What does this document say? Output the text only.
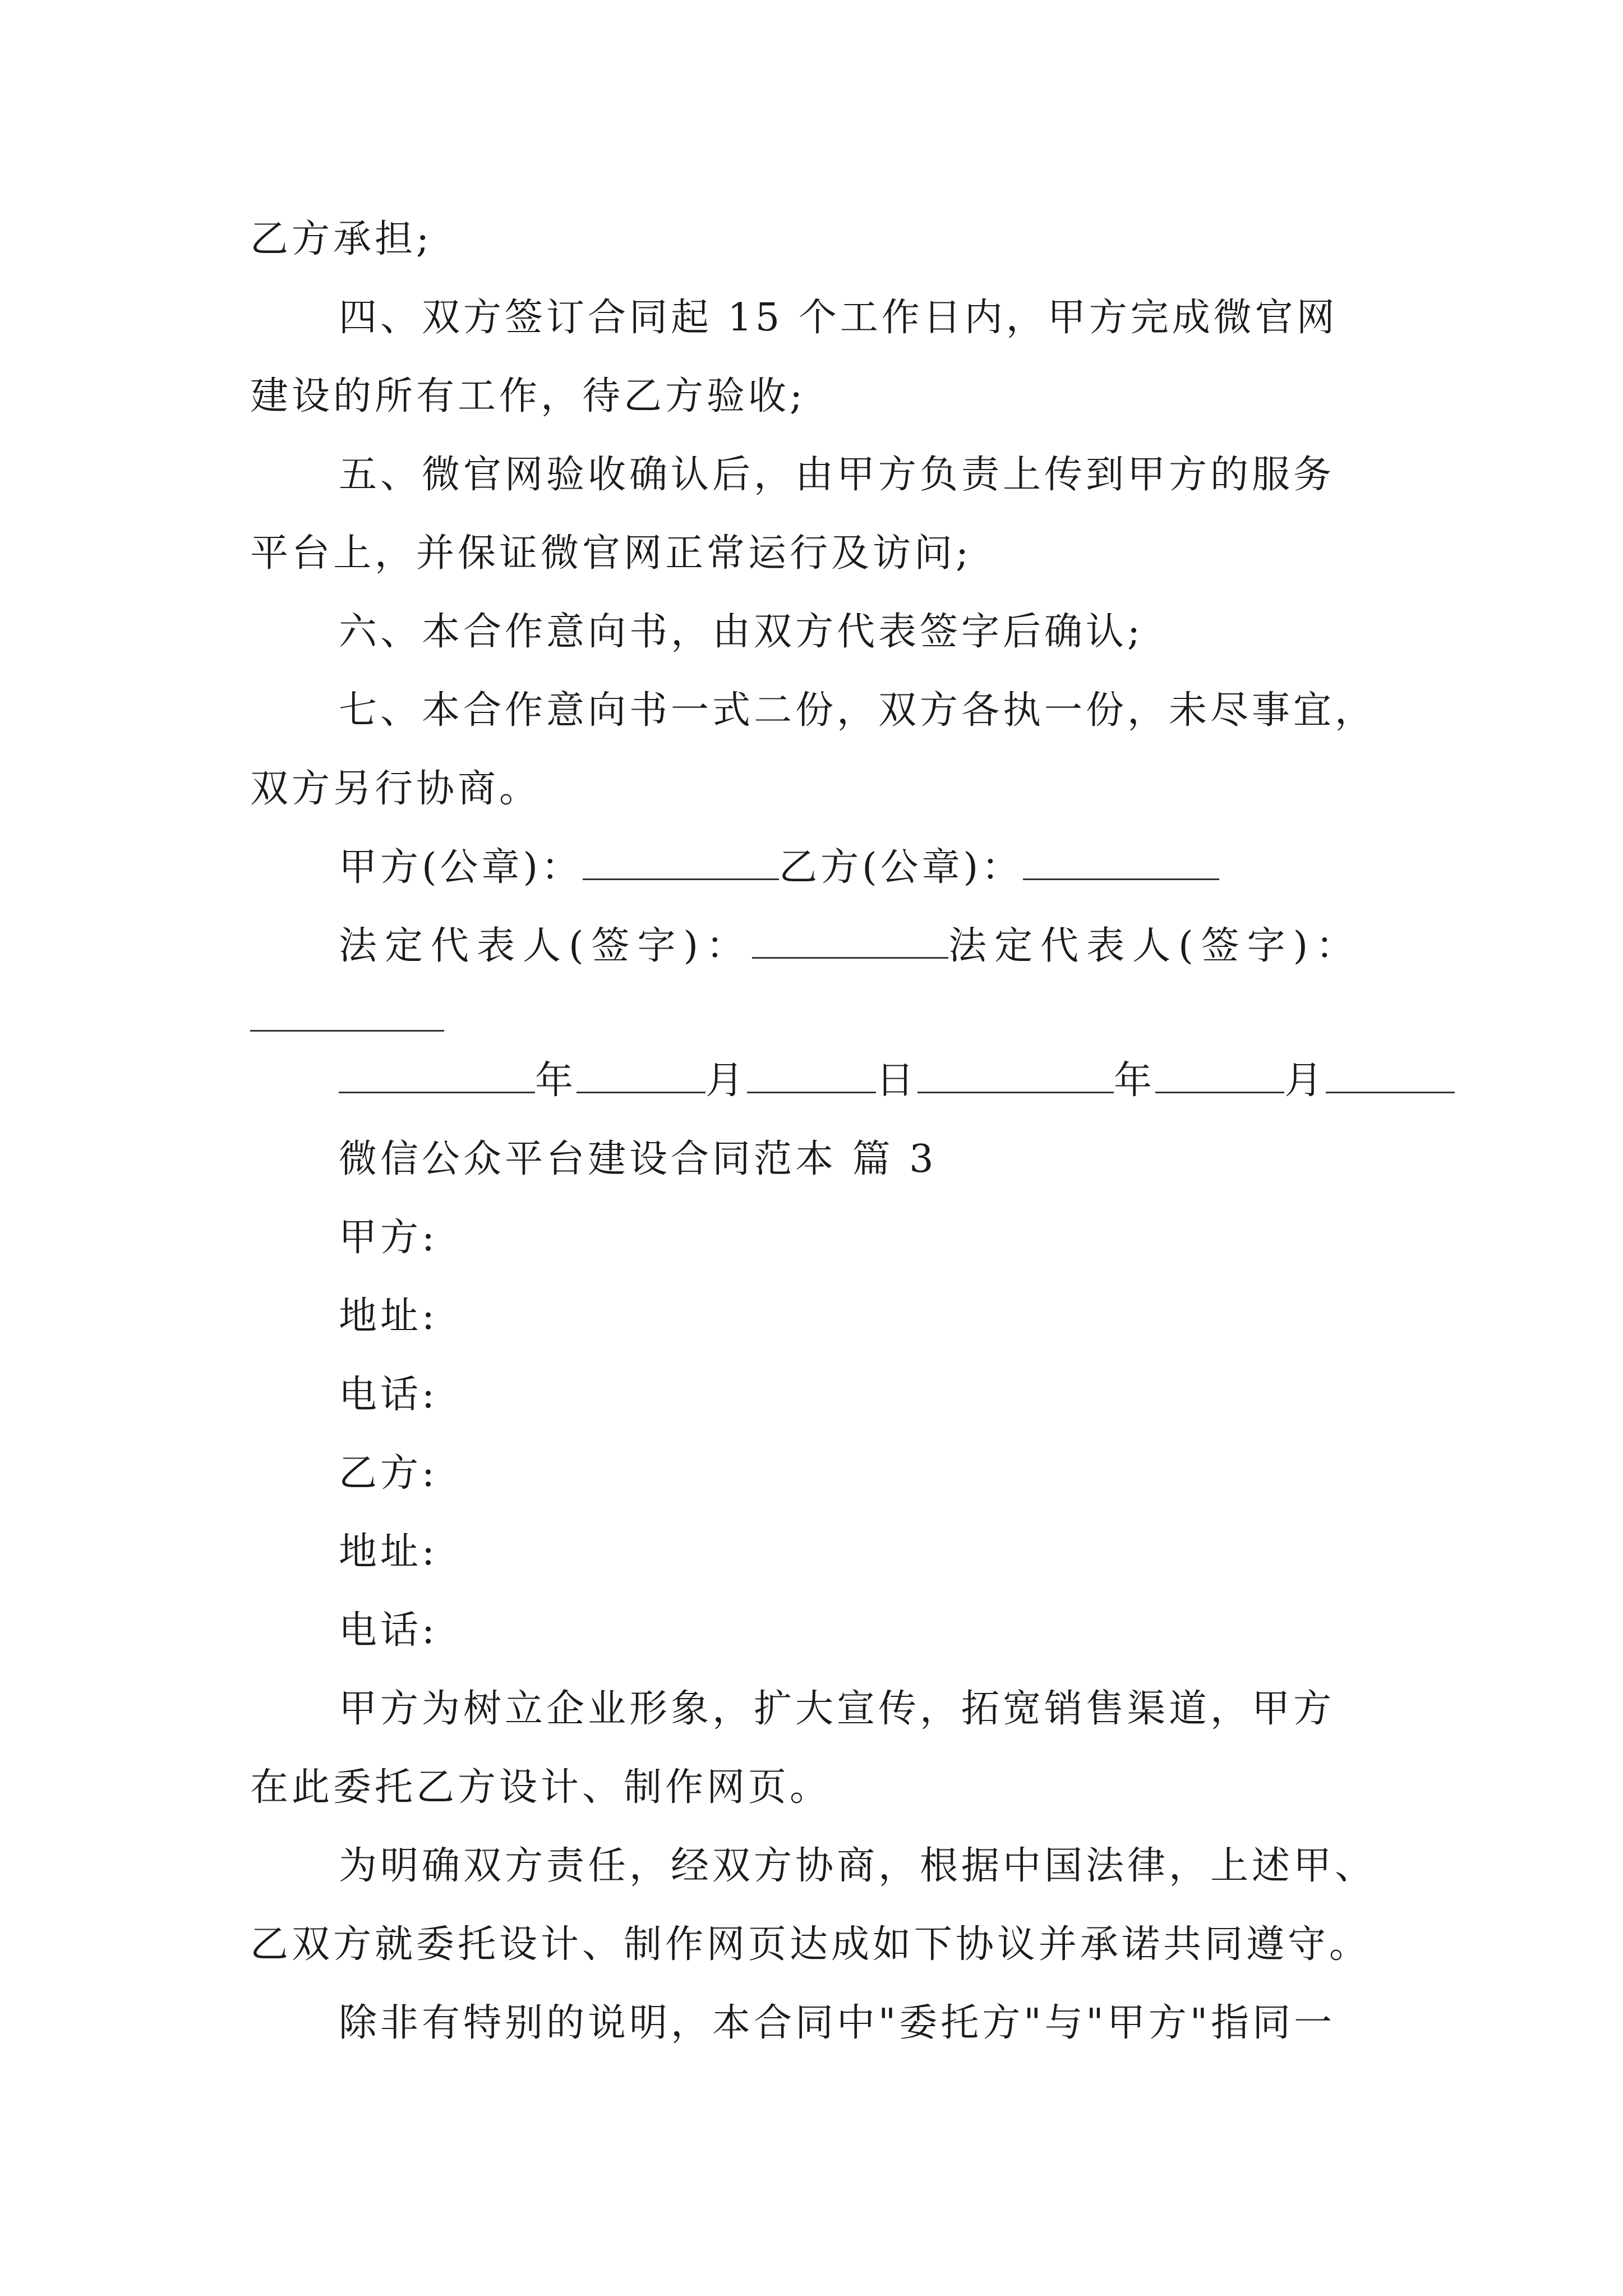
乙方承担;
四、双方签订合同起 15 个工作日内，甲方完成微官网
建设的所有工作，待乙方验收;
五、微官网验收确认后，由甲方负责上传到甲方的服务
平台上，并保证微官网正常运行及访问;
六、本合作意向书，由双方代表签字后确认;
七、本合作意向书一式二份，双方各执一份，未尽事宜，
双方另行协商。
甲方(公章)：	乙方(公章)：
法定代表人(签字)：	法定代表人(签字)：
年	月	日	年	月
微信公众平台建设合同范本 篇 3
甲方:
地址:
电话:
乙方:
地址:
电话:
甲方为树立企业形象，扩大宣传，拓宽销售渠道，甲方
在此委托乙方设计、制作网页。
为明确双方责任，经双方协商，根据中国法律，上述甲、
乙双方就委托设计、制作网页达成如下协议并承诺共同遵守。
除非有特别的说明，本合同中"委托方"与"甲方"指同一
